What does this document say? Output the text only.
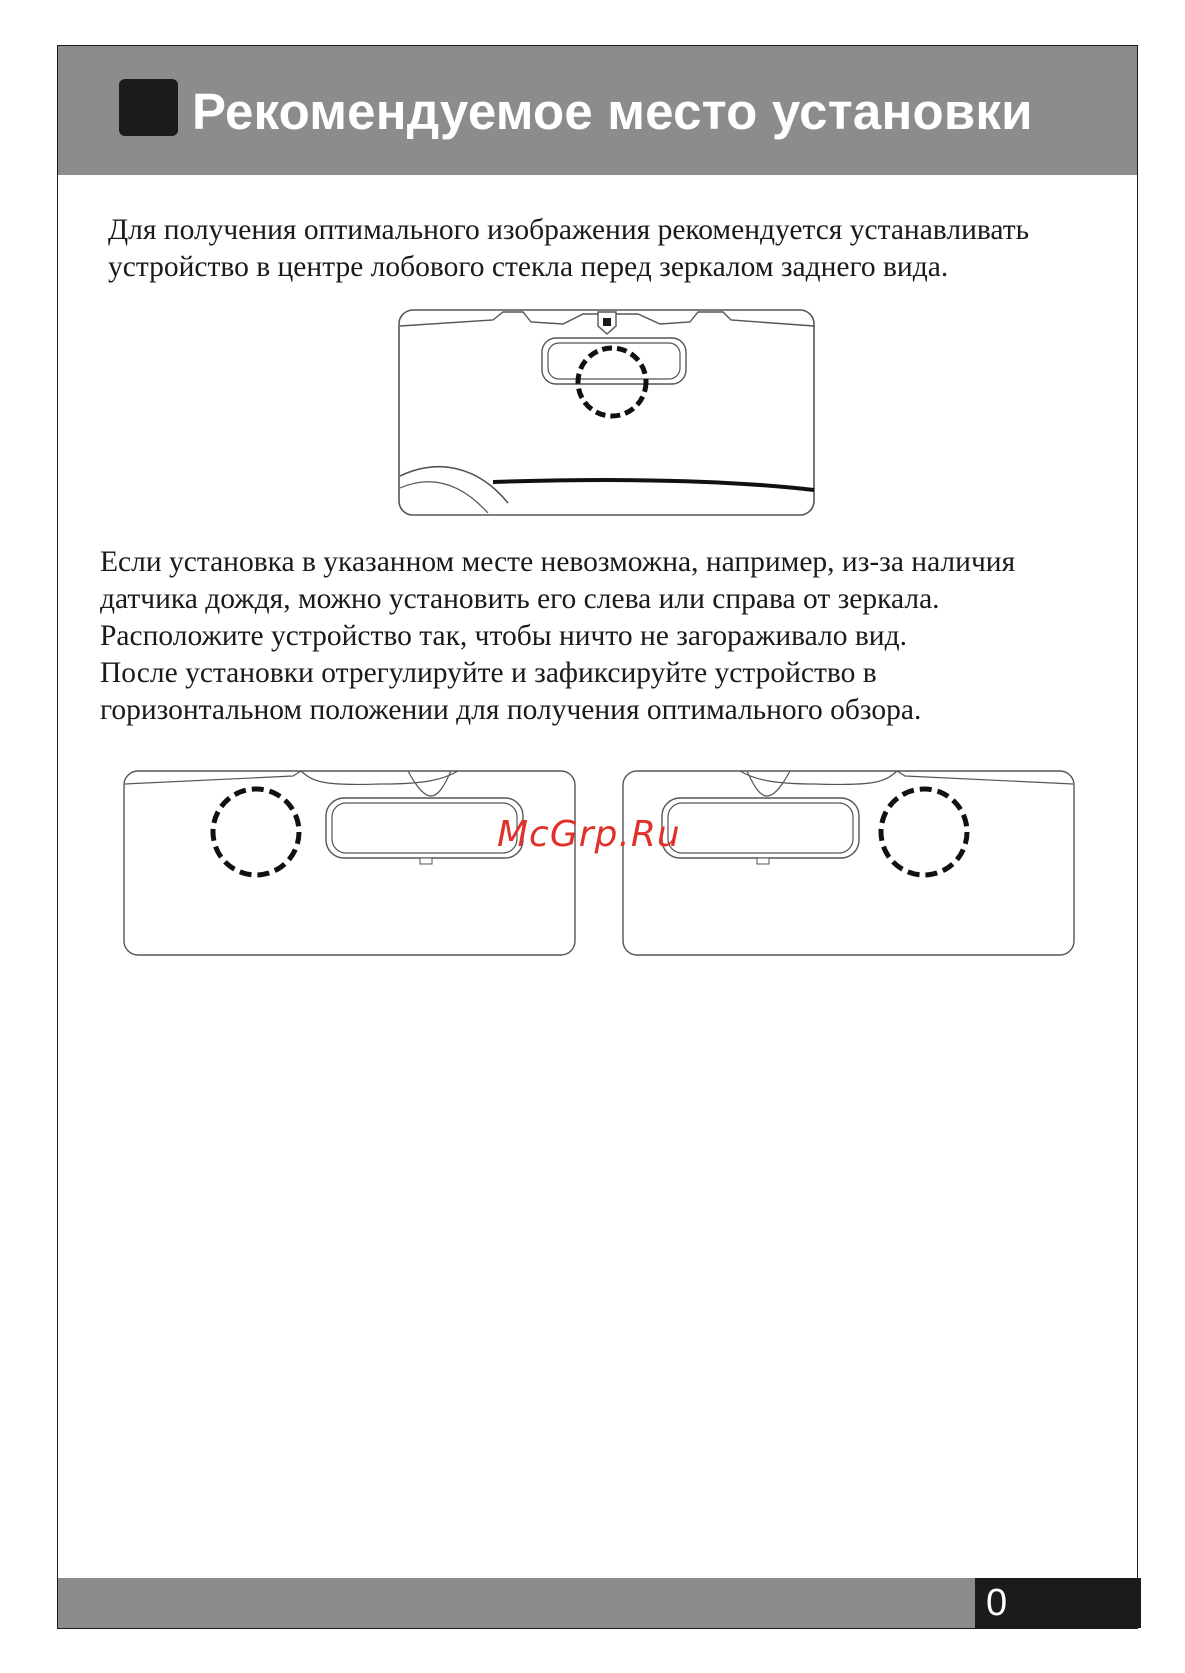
Рекомендуемое место установки

Для получения оптимального изображения рекомендуется устанавливать
устройство в центре лобового стекла перед зеркалом заднего вида.

Если установка в указанном месте невозможна, например, из-за наличия
датчика дождя, можно установить его слева или справа от зеркала.
Расположите устройство так, чтобы ничто не загораживало вид.
После установки отрегулируйте и зафиксируйте устройство в
горизонтальном положении для получения оптимального обзора.
McGrp.Ru
0
